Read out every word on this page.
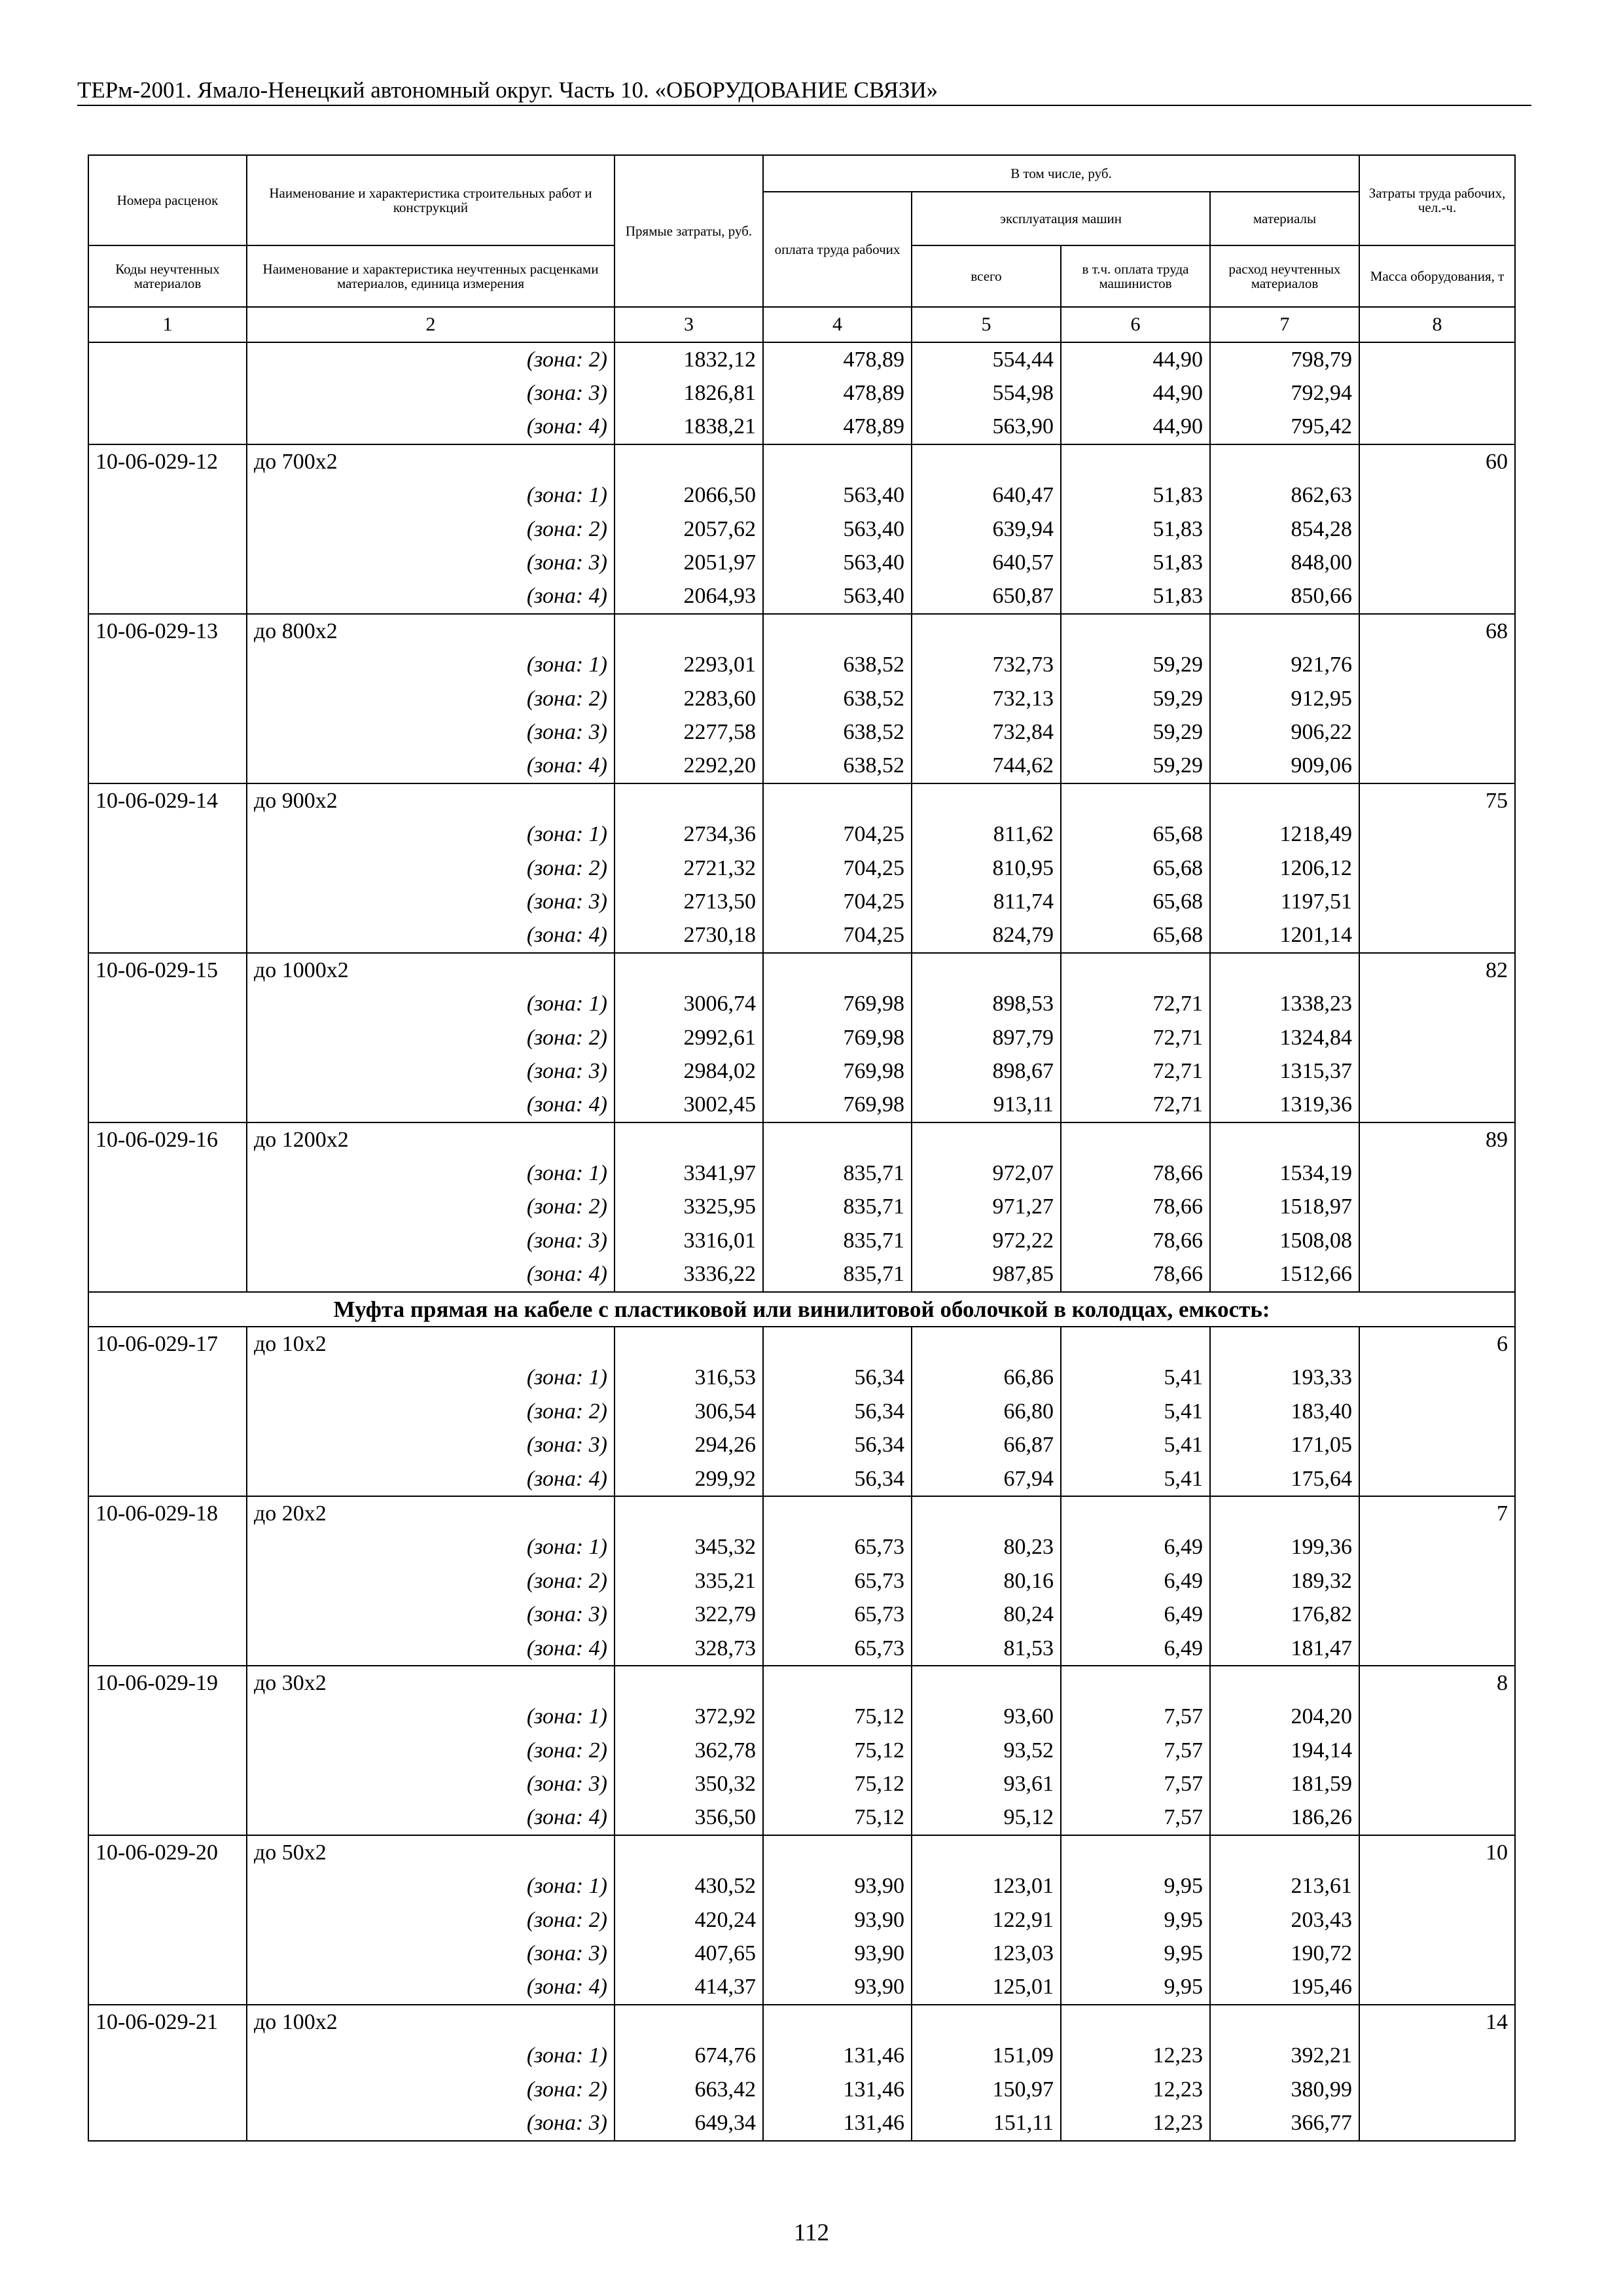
ТЕРм-2001. Ямало-Ненецкий автономный округ. Часть 10. «ОБОРУДОВАНИЕ СВЯЗИ»
Номера расценок	Наименование и характеристика строительных работ и конструкций	Прямые затраты, руб.	В том числе, руб.				Затраты труда рабочих, чел.-ч.
			оплата труда рабочих	эксплуатация машин		материалы	
Коды неучтенных материалов	Наименование и характеристика неучтенных расценками материалов, единица измерения			всего	в т.ч. оплата труда машинистов	расход неучтенных материалов	Масса оборудования, т
1	2	3	4	5	6	7	8
	(зона: 2)	1832,12	478,89	554,44	44,90	798,79	
	(зона: 3)	1826,81	478,89	554,98	44,90	792,94	
	(зона: 4)	1838,21	478,89	563,90	44,90	795,42	
10-06-029-12	до 700х2						60
	(зона: 1)	2066,50	563,40	640,47	51,83	862,63	
	(зона: 2)	2057,62	563,40	639,94	51,83	854,28	
	(зона: 3)	2051,97	563,40	640,57	51,83	848,00	
	(зона: 4)	2064,93	563,40	650,87	51,83	850,66	
10-06-029-13	до 800х2						68
	(зона: 1)	2293,01	638,52	732,73	59,29	921,76	
	(зона: 2)	2283,60	638,52	732,13	59,29	912,95	
	(зона: 3)	2277,58	638,52	732,84	59,29	906,22	
	(зона: 4)	2292,20	638,52	744,62	59,29	909,06	
10-06-029-14	до 900х2						75
	(зона: 1)	2734,36	704,25	811,62	65,68	1218,49	
	(зона: 2)	2721,32	704,25	810,95	65,68	1206,12	
	(зона: 3)	2713,50	704,25	811,74	65,68	1197,51	
	(зона: 4)	2730,18	704,25	824,79	65,68	1201,14	
10-06-029-15	до 1000х2						82
	(зона: 1)	3006,74	769,98	898,53	72,71	1338,23	
	(зона: 2)	2992,61	769,98	897,79	72,71	1324,84	
	(зона: 3)	2984,02	769,98	898,67	72,71	1315,37	
	(зона: 4)	3002,45	769,98	913,11	72,71	1319,36	
10-06-029-16	до 1200х2						89
	(зона: 1)	3341,97	835,71	972,07	78,66	1534,19	
	(зона: 2)	3325,95	835,71	971,27	78,66	1518,97	
	(зона: 3)	3316,01	835,71	972,22	78,66	1508,08	
	(зона: 4)	3336,22	835,71	987,85	78,66	1512,66	
Муфта прямая на кабеле с пластиковой или винилитовой оболочкой в колодцах, емкость:							
10-06-029-17	до 10х2						6
	(зона: 1)	316,53	56,34	66,86	5,41	193,33	
	(зона: 2)	306,54	56,34	66,80	5,41	183,40	
	(зона: 3)	294,26	56,34	66,87	5,41	171,05	
	(зона: 4)	299,92	56,34	67,94	5,41	175,64	
10-06-029-18	до 20х2						7
	(зона: 1)	345,32	65,73	80,23	6,49	199,36	
	(зона: 2)	335,21	65,73	80,16	6,49	189,32	
	(зона: 3)	322,79	65,73	80,24	6,49	176,82	
	(зона: 4)	328,73	65,73	81,53	6,49	181,47	
10-06-029-19	до 30х2						8
	(зона: 1)	372,92	75,12	93,60	7,57	204,20	
	(зона: 2)	362,78	75,12	93,52	7,57	194,14	
	(зона: 3)	350,32	75,12	93,61	7,57	181,59	
	(зона: 4)	356,50	75,12	95,12	7,57	186,26	
10-06-029-20	до 50х2						10
	(зона: 1)	430,52	93,90	123,01	9,95	213,61	
	(зона: 2)	420,24	93,90	122,91	9,95	203,43	
	(зона: 3)	407,65	93,90	123,03	9,95	190,72	
	(зона: 4)	414,37	93,90	125,01	9,95	195,46	
10-06-029-21	до 100х2						14
	(зона: 1)	674,76	131,46	151,09	12,23	392,21	
	(зона: 2)	663,42	131,46	150,97	12,23	380,99	
	(зона: 3)	649,34	131,46	151,11	12,23	366,77	
112
